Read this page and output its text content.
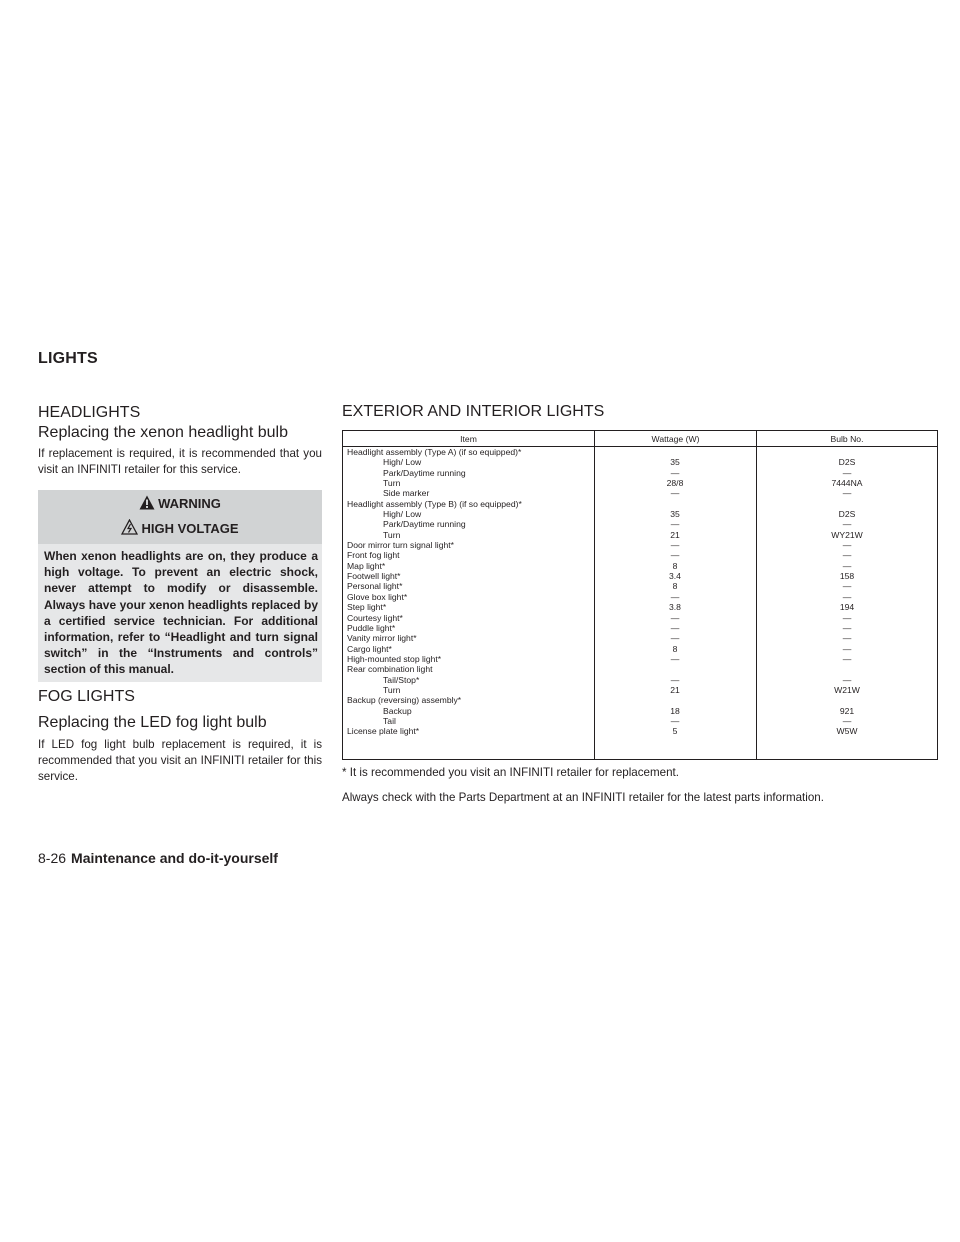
LIGHTS
HEADLIGHTS
Replacing the xenon headlight bulb
If replacement is required, it is recommended that you visit an INFINITI retailer for this service.
WARNING
HIGH VOLTAGE
When xenon headlights are on, they produce a high voltage. To prevent an electric shock, never attempt to modify or disassemble. Always have your xenon headlights replaced by a certified service technician. For additional information, refer to “Headlight and turn signal switch” in the “Instruments and controls” section of this manual.
FOG LIGHTS
Replacing the LED fog light bulb
If LED fog light bulb replacement is required, it is recommended that you visit an INFINITI retailer for this service.
EXTERIOR AND INTERIOR LIGHTS
Item	Wattage (W)	Bulb No.
Headlight assembly (Type A) (if so equipped)*
High/ Low	35	D2S
Park/Daytime running	—	—
Turn	28/8	7444NA
Side marker	—	—
Headlight assembly (Type B) (if so equipped)*
High/ Low	35	D2S
Park/Daytime running	—	—
Turn	21	WY21W
Door mirror turn signal light*	—	—
Front fog light	—	—
Map light*	8	—
Footwell light*	3.4	158
Personal light*	8	—
Glove box light*	—	—
Step light*	3.8	194
Courtesy light*	—	—
Puddle light*	—	—
Vanity mirror light*	—	—
Cargo light*	8	—
High-mounted stop light*	—	—
Rear combination light
Tail/Stop*	—	—
Turn	21	W21W
Backup (reversing) assembly*
Backup	18	921
Tail	—	—
License plate light*	5	W5W
* It is recommended you visit an INFINITI retailer for replacement.
Always check with the Parts Department at an INFINITI retailer for the latest parts information.
8-26 Maintenance and do-it-yourself
